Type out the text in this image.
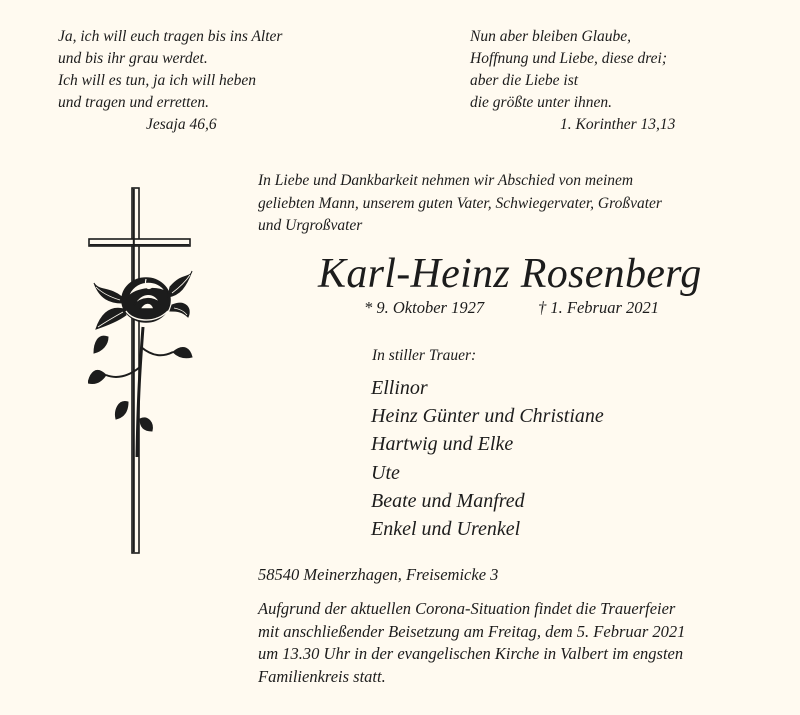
Ja, ich will euch tragen bis ins Alter
und bis ihr grau werdet.
Ich will es tun, ja ich will heben
und tragen und erretten.
Jesaja 46,6
Nun aber bleiben Glaube,
Hoffnung und Liebe, diese drei;
aber die Liebe ist
die größte unter ihnen.
1. Korinther 13,13
In Liebe und Dankbarkeit nehmen wir Abschied von meinem
geliebten Mann, unserem guten Vater, Schwiegervater, Großvater
und Urgroßvater
Karl-Heinz Rosenberg
* 9. Oktober 1927	† 1. Februar 2021
In stiller Trauer:
Ellinor
Heinz Günter und Christiane
Hartwig und Elke
Ute
Beate und Manfred
Enkel und Urenkel
58540 Meinerzhagen, Freisemicke 3
Aufgrund der aktuellen Corona-Situation findet die Trauerfeier
mit anschließender Beisetzung am Freitag, dem 5. Februar 2021
um 13.30 Uhr in der evangelischen Kirche in Valbert im engsten
Familienkreis statt.
